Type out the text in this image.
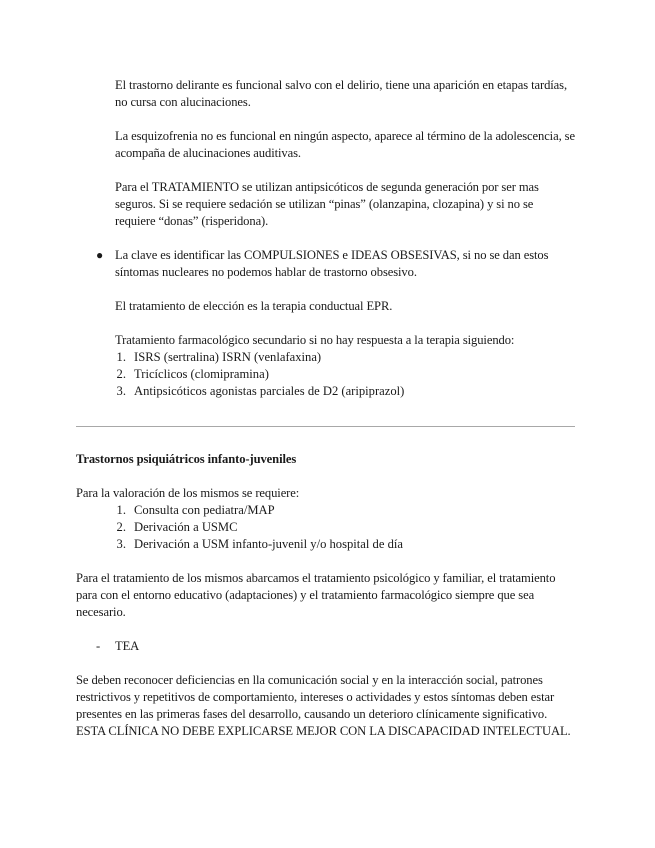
El trastorno delirante es funcional salvo con el delirio, tiene una aparición en etapas tardías, no cursa con alucinaciones.

La esquizofrenia no es funcional en ningún aspecto, aparece al término de la adolescencia, se acompaña de alucinaciones auditivas.

Para el TRATAMIENTO se utilizan antipsicóticos de segunda generación por ser mas seguros. Si se requiere sedación se utilizan “pinas” (olanzapina, clozapina) y si no se requiere “donas” (risperidona).

● La clave es identificar las COMPULSIONES e IDEAS OBSESIVAS, si no se dan estos síntomas nucleares no podemos hablar de trastorno obsesivo.

El tratamiento de elección es la terapia conductual EPR.

Tratamiento farmacológico secundario si no hay respuesta a la terapia siguiendo:

1. ISRS (sertralina) ISRN (venlafaxina)
2. Tricíclicos (clomipramina)
3. Antipsicóticos agonistas parciales de D2 (aripiprazol)

Trastornos psiquiátricos infanto-juveniles

Para la valoración de los mismos se requiere:

1. Consulta con pediatra/MAP
2. Derivación a USMC
3. Derivación a USM infanto-juvenil y/o hospital de día

Para el tratamiento de los mismos abarcamos el tratamiento psicológico y familiar, el tratamiento para con el entorno educativo (adaptaciones) y el tratamiento farmacológico siempre que sea necesario.

- TEA

Se deben reconocer deficiencias en lla comunicación social y en la interacción social, patrones restrictivos y repetitivos de comportamiento, intereses o actividades y estos síntomas deben estar presentes en las primeras fases del desarrollo, causando un deterioro clínicamente significativo. ESTA CLÍNICA NO DEBE EXPLICARSE MEJOR CON LA DISCAPACIDAD INTELECTUAL.
